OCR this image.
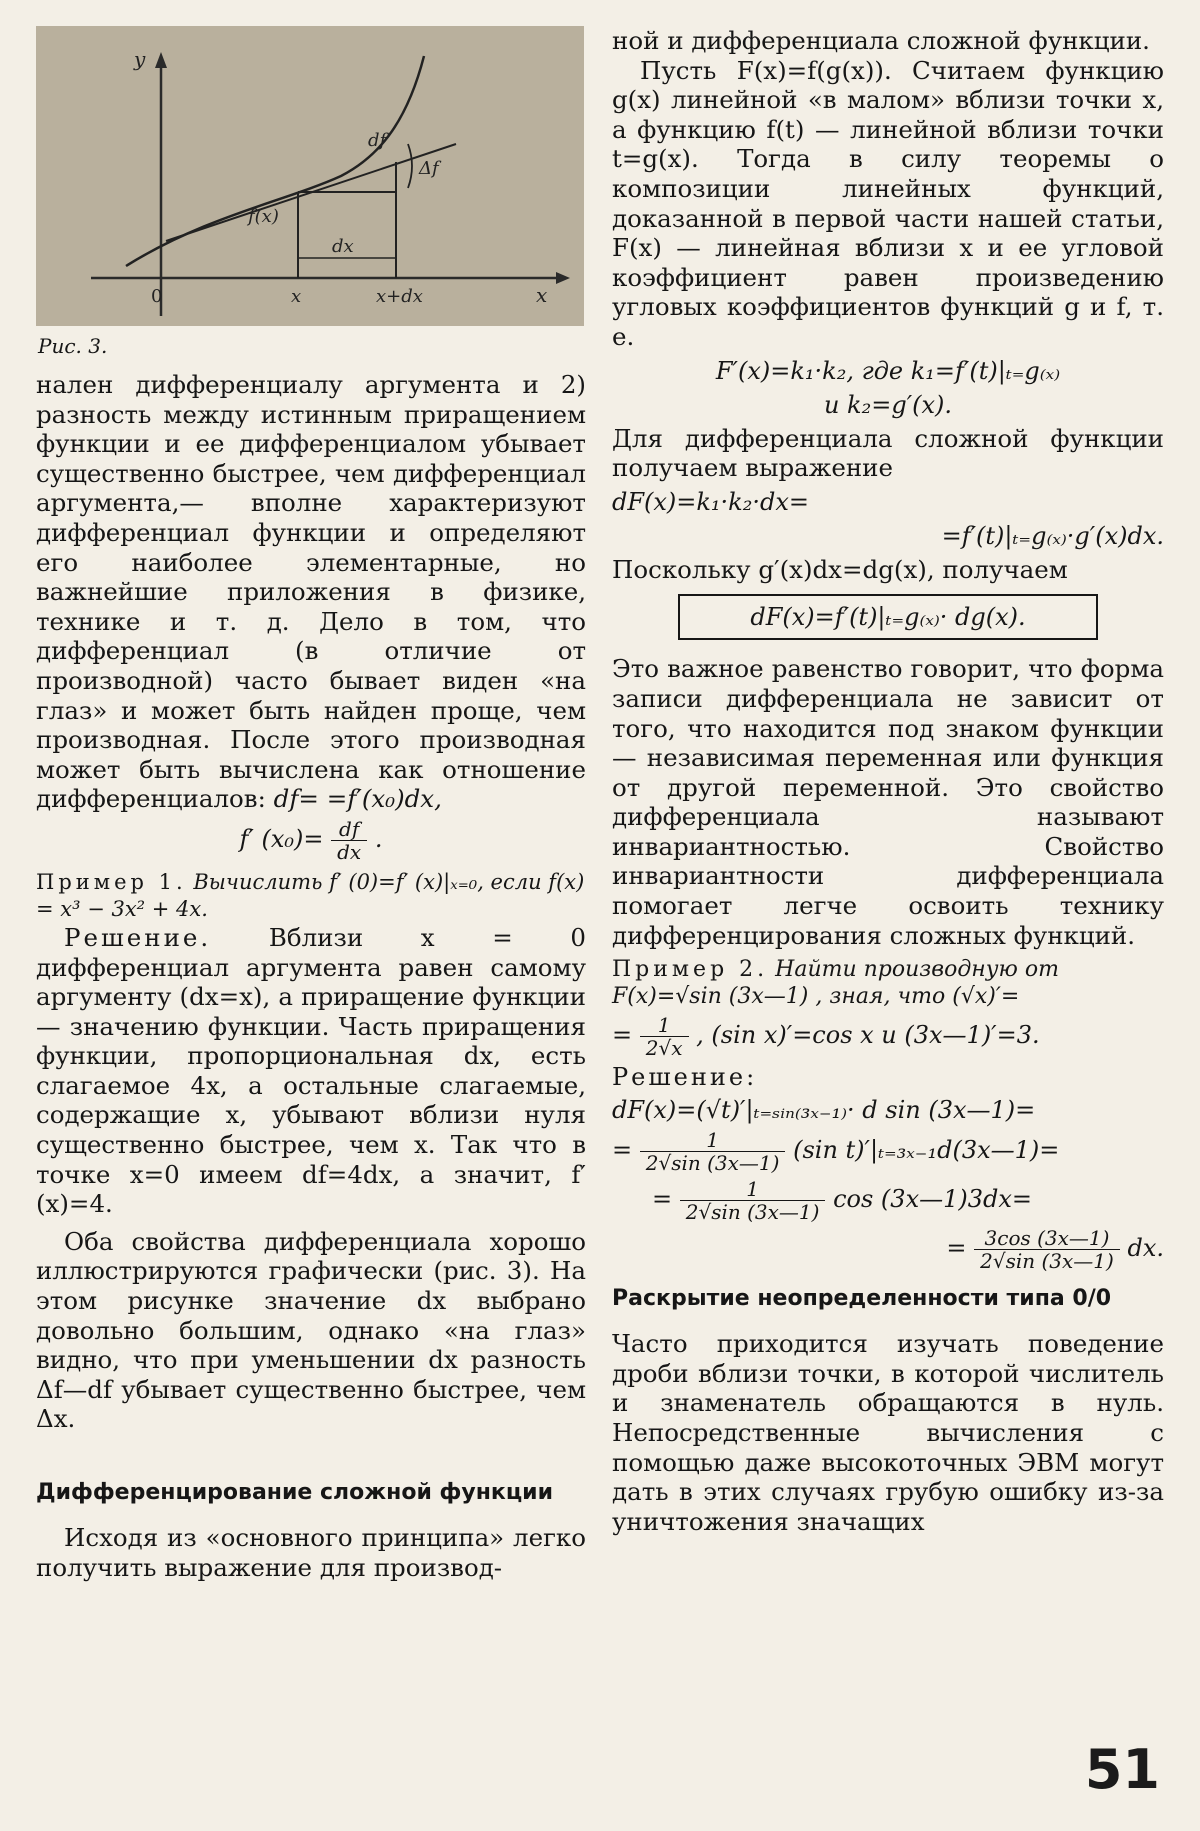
y
0	x
x	x+dx
dx
df
Δf
f(x)
Рис. 3.

нален дифференциалу аргумента и 2) разность между истинным приращением функции и ее дифференциалом убывает существенно быстрее, чем дифференциал аргумента,— вполне характеризуют дифференциал функции и определяют его наиболее элементарные, но важнейшие приложения в физике, технике и т. д. Дело в том, что дифференциал (в отличие от производной) часто бывает виден «на глаз» и может быть найден проще, чем производная. После этого производная может быть вычислена как отношение дифференциалов: df= =f′(x₀)dx,

f′ $(x_0)= \frac{df}{dx}$ .
Пример 1. Вычислить f′ (0)=f′ (x)|ₓ₌₀, если f(x) = x³ − 3x² + 4x.

Решение. Вблизи x = 0 дифференциал аргумента равен самому аргументу (dx=x), а приращение функции — значению функции. Часть приращения функции, пропорциональная dx, есть слагаемое 4x, а остальные слагаемые, содержащие x, убывают вблизи нуля существенно быстрее, чем x. Так что в точке x=0 имеем df=4dx, а значит, f′(x)=4.

Оба свойства дифференциала хорошо иллюстрируются графически (рис. 3). На этом рисунке значение dx выбрано довольно большим, однако «на глаз» видно, что при уменьшении dx разность Δf—df убывает существенно быстрее, чем Δx.

Дифференцирование сложной функции

Исходя из «основного принципа» легко получить выражение для производ-

ной и дифференциала сложной функции.

Пусть F(x)=f(g(x)). Считаем функцию g(x) линейной «в малом» вблизи точки x, а функцию f(t) — линейной вблизи точки t=g(x). Тогда в силу теоремы о композиции линейных функций, доказанной в первой части нашей статьи, F(x) — линейная вблизи x и ее угловой коэффициент равен произведению угловых коэффициентов функций g и f, т. е.

F′(x)=k₁·k₂, где k₁=f′(t)|ₜ₌g₍ₓ₎
и k₂=g′(x).

Для дифференциала сложной функции получаем выражение

dF(x)=k₁·k₂·dx=
=f′(t)|ₜ₌g₍ₓ₎·g′(x)dx.

Поскольку g′(x)dx=dg(x), получаем

dF(x)=f′(t)|ₜ₌g₍ₓ₎· dg(x).

Это важное равенство говорит, что форма записи дифференциала не зависит от того, что находится под знаком функции — независимая переменная или функция от другой переменной. Это свойство дифференциала называют инвариантностью. Свойство инвариантности дифференциала помогает легче освоить технику дифференцирования сложных функций.

Пример 2. Найти производную от F(x)=√sin (3x—1) , зная, что (√x)′=
= $\frac{1}{2√x}$ , (sin x)′=cos x и (3x—1)′=3.
Решение:
dF(x)=(√t)′|ₜ₌ₛᵢₙ₍₃ₓ₋₁₎· d sin (3x—1)=
= $\frac{1}{2√\sin (3x—1)} (\sin$ t)′|ₜ₌₃ₓ₋₁d(3x—1)=
= $\frac{1}{2√\sin (3x—1)}$ cos (3x—1)3dx=
= $\frac{3\cos (3x—1)}{2√\sin (3x—1)}$ dx.
Раскрытие неопределенности типа 0/0

Часто приходится изучать поведение дроби вблизи точки, в которой числитель и знаменатель обращаются в нуль. Непосредственные вычисления с помощью даже высокоточных ЭВМ могут дать в этих случаях грубую ошибку из-за уничтожения значащих

51
